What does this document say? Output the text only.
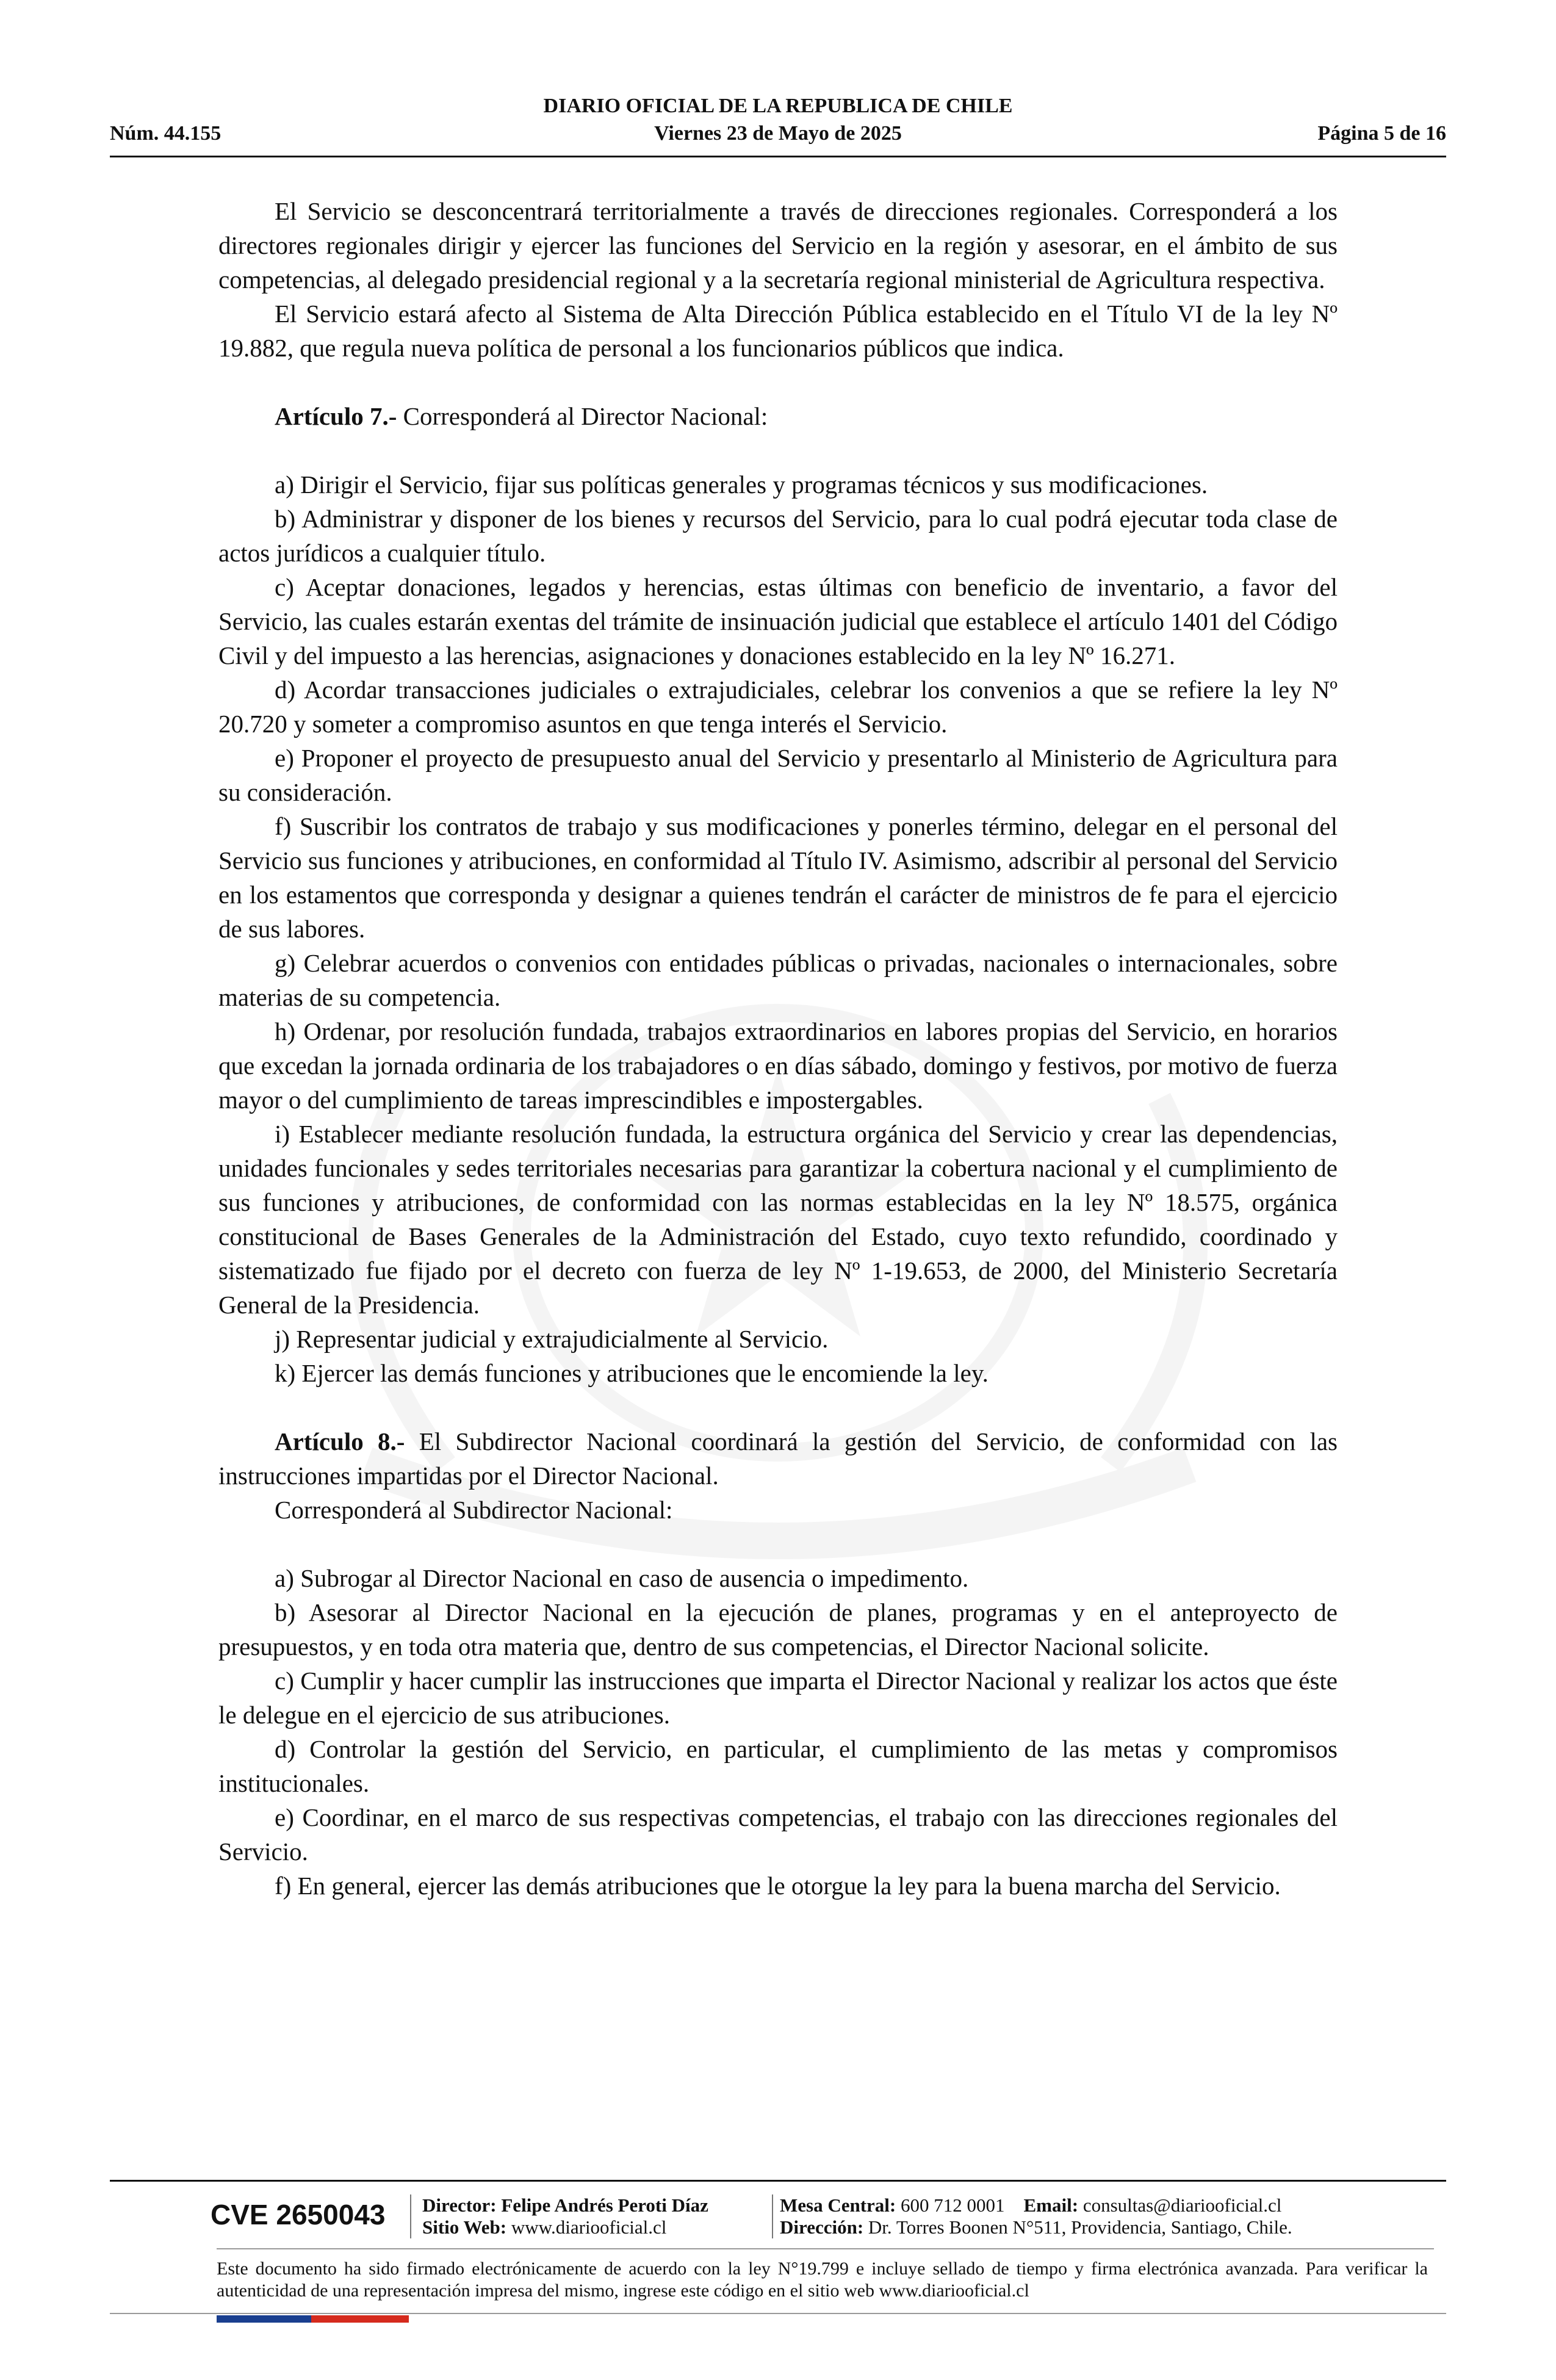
DIARIO OFICIAL DE LA REPUBLICA DE CHILE
Núm. 44.155	Viernes 23 de Mayo de 2025	Página 5 de 16

El Servicio se desconcentrará territorialmente a través de direcciones regionales. Corresponderá a los directores regionales dirigir y ejercer las funciones del Servicio en la región y asesorar, en el ámbito de sus competencias, al delegado presidencial regional y a la secretaría regional ministerial de Agricultura respectiva.

El Servicio estará afecto al Sistema de Alta Dirección Pública establecido en el Título VI de la ley Nº 19.882, que regula nueva política de personal a los funcionarios públicos que indica.

Artículo 7.- Corresponderá al Director Nacional:

a) Dirigir el Servicio, fijar sus políticas generales y programas técnicos y sus modificaciones.

b) Administrar y disponer de los bienes y recursos del Servicio, para lo cual podrá ejecutar toda clase de actos jurídicos a cualquier título.

c) Aceptar donaciones, legados y herencias, estas últimas con beneficio de inventario, a favor del Servicio, las cuales estarán exentas del trámite de insinuación judicial que establece el artículo 1401 del Código Civil y del impuesto a las herencias, asignaciones y donaciones establecido en la ley Nº 16.271.

d) Acordar transacciones judiciales o extrajudiciales, celebrar los convenios a que se refiere la ley Nº 20.720 y someter a compromiso asuntos en que tenga interés el Servicio.

e) Proponer el proyecto de presupuesto anual del Servicio y presentarlo al Ministerio de Agricultura para su consideración.

f) Suscribir los contratos de trabajo y sus modificaciones y ponerles término, delegar en el personal del Servicio sus funciones y atribuciones, en conformidad al Título IV. Asimismo, adscribir al personal del Servicio en los estamentos que corresponda y designar a quienes tendrán el carácter de ministros de fe para el ejercicio de sus labores.

g) Celebrar acuerdos o convenios con entidades públicas o privadas, nacionales o internacionales, sobre materias de su competencia.

h) Ordenar, por resolución fundada, trabajos extraordinarios en labores propias del Servicio, en horarios que excedan la jornada ordinaria de los trabajadores o en días sábado, domingo y festivos, por motivo de fuerza mayor o del cumplimiento de tareas imprescindibles e impostergables.

i) Establecer mediante resolución fundada, la estructura orgánica del Servicio y crear las dependencias, unidades funcionales y sedes territoriales necesarias para garantizar la cobertura nacional y el cumplimiento de sus funciones y atribuciones, de conformidad con las normas establecidas en la ley Nº 18.575, orgánica constitucional de Bases Generales de la Administración del Estado, cuyo texto refundido, coordinado y sistematizado fue fijado por el decreto con fuerza de ley Nº 1-19.653, de 2000, del Ministerio Secretaría General de la Presidencia.

j) Representar judicial y extrajudicialmente al Servicio.

k) Ejercer las demás funciones y atribuciones que le encomiende la ley.

Artículo 8.- El Subdirector Nacional coordinará la gestión del Servicio, de conformidad con las instrucciones impartidas por el Director Nacional.

Corresponderá al Subdirector Nacional:

a) Subrogar al Director Nacional en caso de ausencia o impedimento.

b) Asesorar al Director Nacional en la ejecución de planes, programas y en el anteproyecto de presupuestos, y en toda otra materia que, dentro de sus competencias, el Director Nacional solicite.

c) Cumplir y hacer cumplir las instrucciones que imparta el Director Nacional y realizar los actos que éste le delegue en el ejercicio de sus atribuciones.

d) Controlar la gestión del Servicio, en particular, el cumplimiento de las metas y compromisos institucionales.

e) Coordinar, en el marco de sus respectivas competencias, el trabajo con las direcciones regionales del Servicio.

f) En general, ejercer las demás atribuciones que le otorgue la ley para la buena marcha del Servicio.

CVE 2650043 Director: Felipe Andrés Peroti Díaz
Sitio Web: www.diariooficial.cl
Mesa Central: 600 712 0001 Email: consultas@diariooficial.cl
Dirección: Dr. Torres Boonen N°511, Providencia, Santiago, Chile.
Este documento ha sido firmado electrónicamente de acuerdo con la ley N°19.799 e incluye sellado de tiempo y firma electrónica avanzada. Para verificar la autenticidad de una representación impresa del mismo, ingrese este código en el sitio web www.diariooficial.cl
